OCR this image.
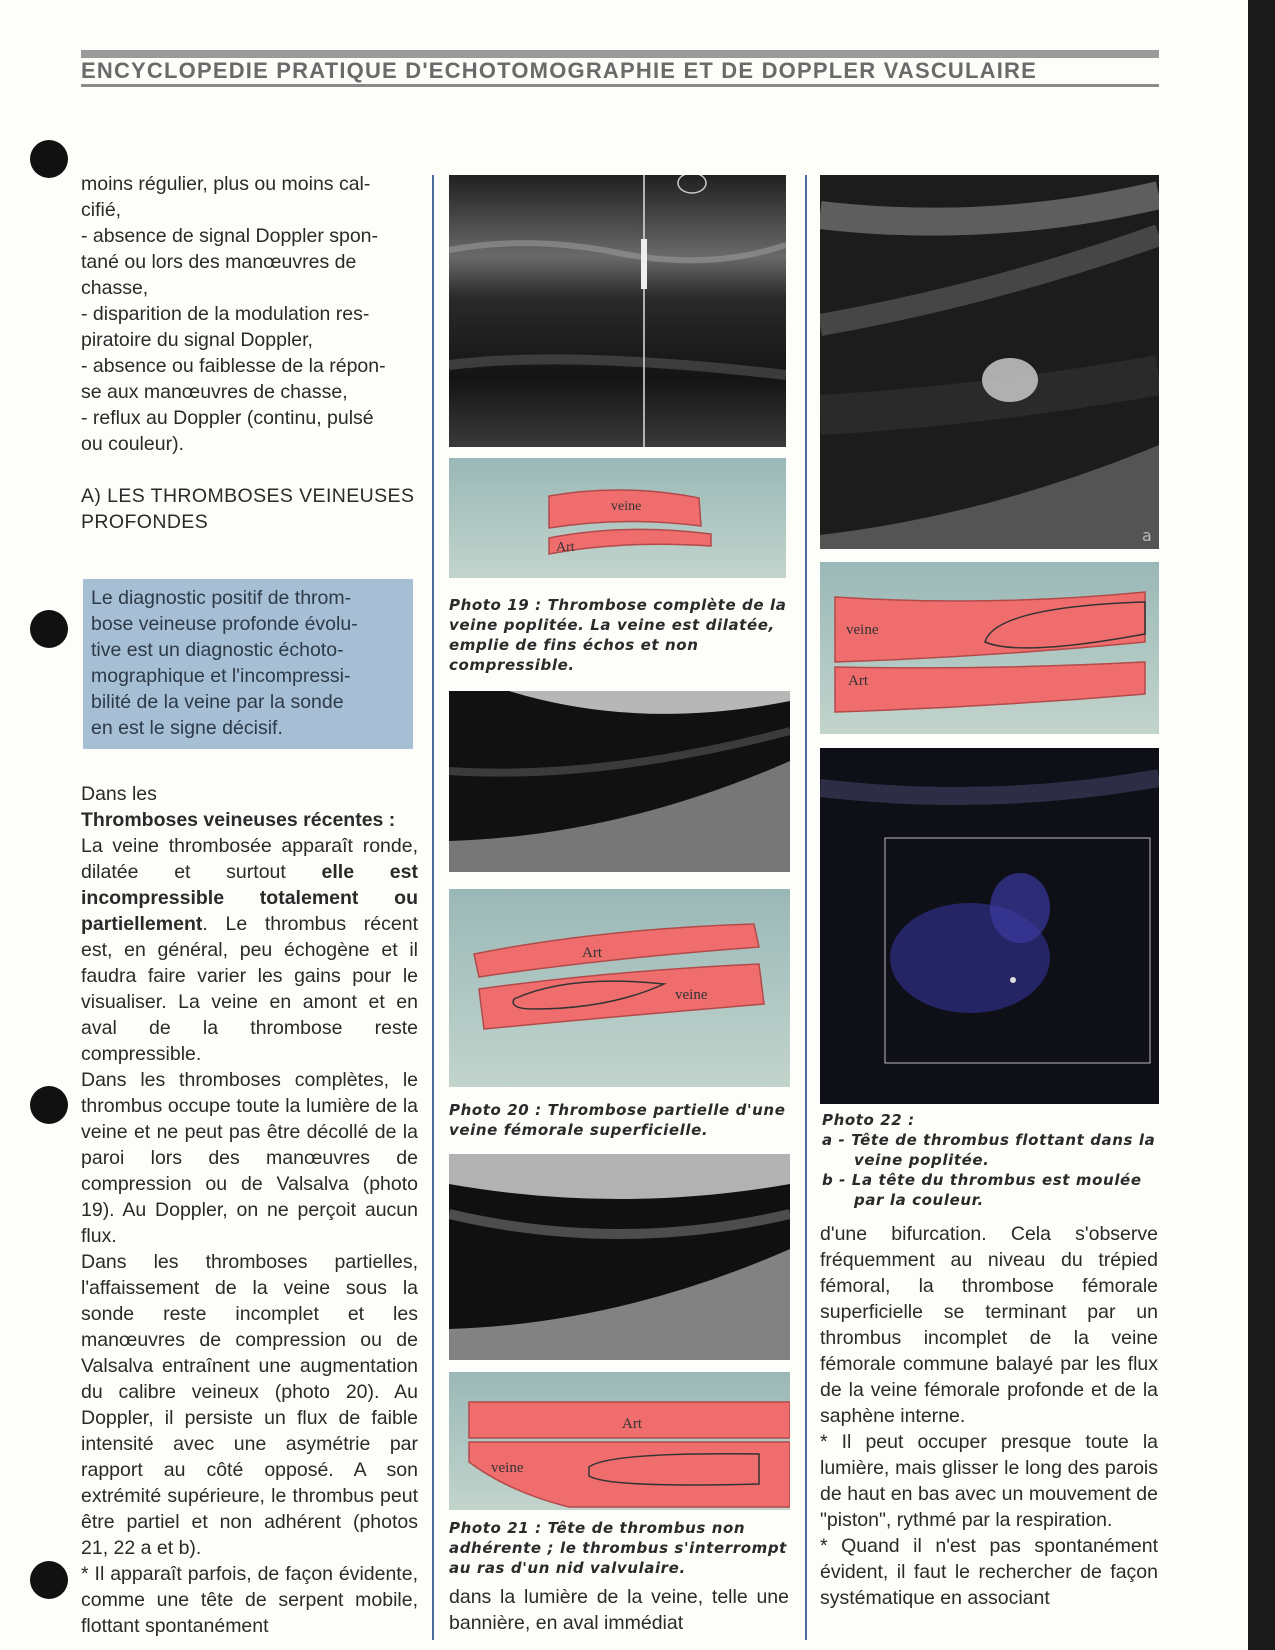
ENCYCLOPEDIE PRATIQUE D'ECHOTOMOGRAPHIE ET DE DOPPLER VASCULAIRE
moins régulier, plus ou moins cal-
cifié,
- absence de signal Doppler spon-
tané ou lors des manœuvres de
chasse,
- disparition de la modulation res-
piratoire du signal Doppler,
- absence ou faiblesse de la répon-
se aux manœuvres de chasse,
- reflux au Doppler (continu, pulsé
ou couleur).
A) LES THROMBOSES VEINEUSES
PROFONDES
Le diagnostic positif de throm-
bose veineuse profonde évolu-
tive est un diagnostic échoto-
mographique et l'incompressi-
bilité de la veine par la sonde
en est le signe décisif.

Dans les

Thromboses veineuses récentes :

La veine thrombosée apparaît ronde, dilatée et surtout elle est incompressible totalement ou partiellement. Le thrombus récent est, en général, peu échogène et il faudra faire varier les gains pour le visualiser. La veine en amont et en aval de la thrombose reste compressible.

Dans les thromboses complètes, le thrombus occupe toute la lumière de la veine et ne peut pas être décollé de la paroi lors des manœuvres de compression ou de Valsalva (photo 19). Au Doppler, on ne perçoit aucun flux.

Dans les thromboses partielles, l'affaissement de la veine sous la sonde reste incomplet et les manœuvres de compression ou de Valsalva entraînent une augmentation du calibre veineux (photo 20). Au Doppler, il persiste un flux de faible intensité avec une asymétrie par rapport au côté opposé. A son extrémité supérieure, le thrombus peut être partiel et non adhérent (photos 21, 22 a et b).

* Il apparaît parfois, de façon évidente, comme une tête de serpent mobile, flottant spontanément

veine
Art
Photo 19 : Thrombose complète de la veine poplitée. La veine est dilatée, emplie de fins échos et non compressible.
Art
veine
Photo 20 : Thrombose partielle d'une veine fémorale superficielle.
Art
veine
Photo 21 : Tête de thrombus non adhérente ; le thrombus s'interrompt au ras d'un nid valvulaire.
dans la lumière de la veine, telle une bannière, en aval immédiat
a
veine
Art
Photo 22 :
a - Tête de thrombus flottant dans la veine poplitée.
b - La tête du thrombus est moulée par la couleur.

d'une bifurcation. Cela s'observe fréquemment au niveau du trépied fémoral, la thrombose fémorale superficielle se terminant par un thrombus incomplet de la veine fémorale commune balayé par les flux de la veine fémorale profonde et de la saphène interne.

* Il peut occuper presque toute la lumière, mais glisser le long des parois de haut en bas avec un mouvement de "piston", rythmé par la respiration.

* Quand il n'est pas spontanément évident, il faut le rechercher de façon systématique en associant
